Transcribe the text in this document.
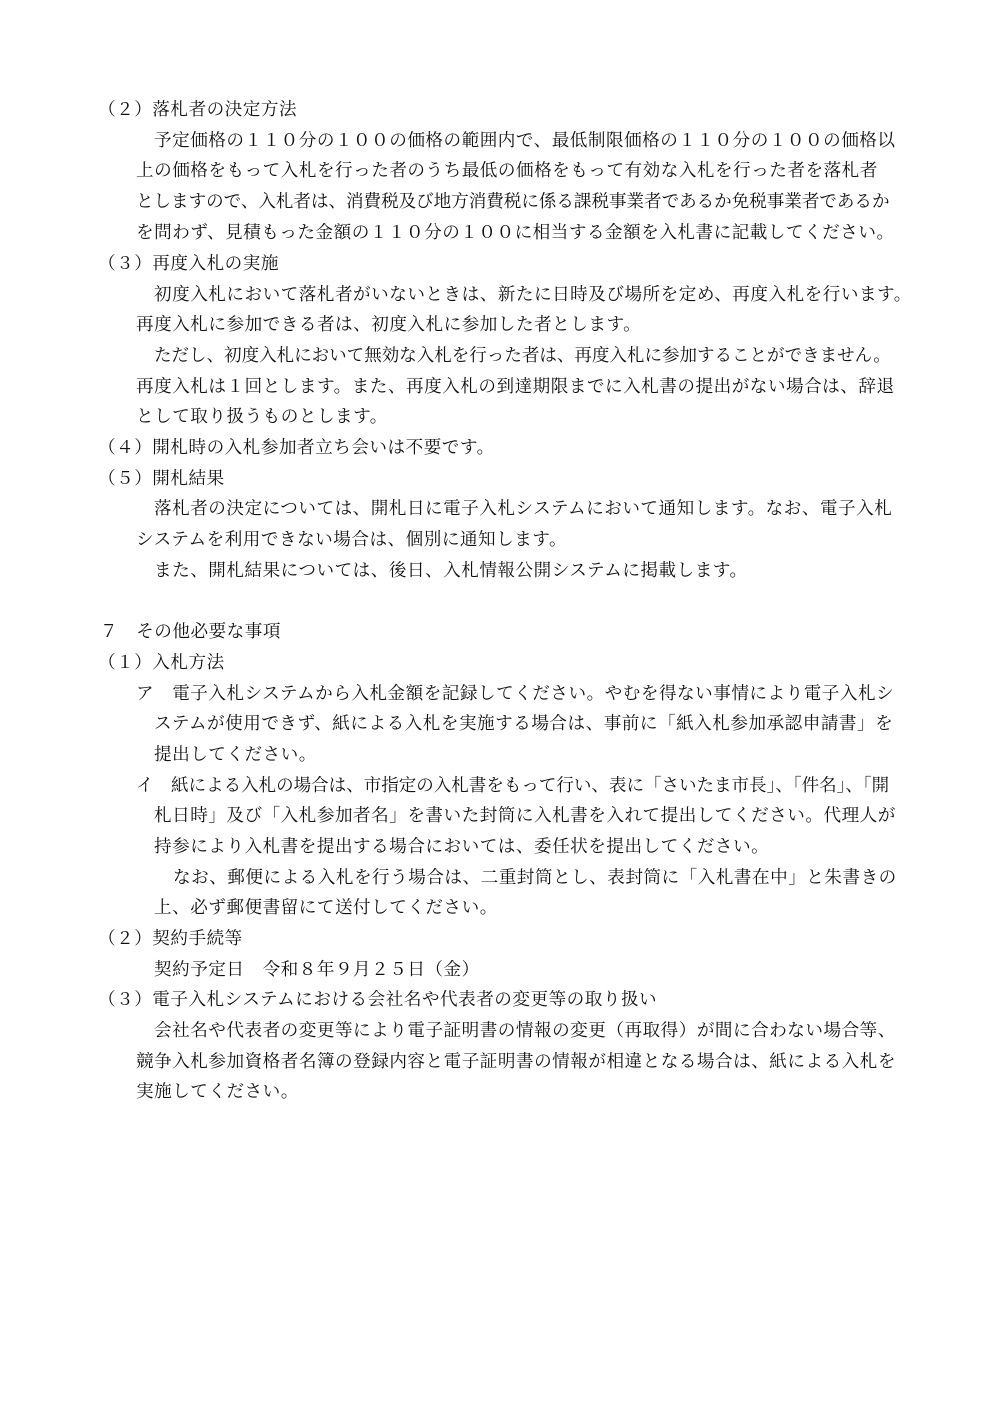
（２）落札者の決定方法
予定価格の１１０分の１００の価格の範囲内で、最低制限価格の１１０分の１００の価格以
上の価格をもって入札を行った者のうち最低の価格をもって有効な入札を行った者を落札者
としますので、入札者は、消費税及び地方消費税に係る課税事業者であるか免税事業者であるか
を問わず、見積もった金額の１１０分の１００に相当する金額を入札書に記載してください。
（３）再度入札の実施
初度入札において落札者がいないときは、新たに日時及び場所を定め、再度入札を行います。
再度入札に参加できる者は、初度入札に参加した者とします。
ただし、初度入札において無効な入札を行った者は、再度入札に参加することができません。
再度入札は１回とします。また、再度入札の到達期限までに入札書の提出がない場合は、辞退
として取り扱うものとします。
（４）開札時の入札参加者立ち会いは不要です。
（５）開札結果
落札者の決定については、開札日に電子入札システムにおいて通知します。なお、電子入札
システムを利用できない場合は、個別に通知します。
また、開札結果については、後日、入札情報公開システムに掲載します。
７　その他必要な事項
（１）入札方法
ア　電子入札システムから入札金額を記録してください。やむを得ない事情により電子入札シ
ステムが使用できず、紙による入札を実施する場合は、事前に「紙入札参加承認申請書」を
提出してください。
イ　紙による入札の場合は、市指定の入札書をもって行い、表に「さいたま市長」、「件名」、「開
札日時」及び「入札参加者名」を書いた封筒に入札書を入れて提出してください。代理人が
持参により入札書を提出する場合においては、委任状を提出してください。
なお、郵便による入札を行う場合は、二重封筒とし、表封筒に「入札書在中」と朱書きの
上、必ず郵便書留にて送付してください。
（２）契約手続等
契約予定日　令和８年９月２５日（金）
（３）電子入札システムにおける会社名や代表者の変更等の取り扱い
会社名や代表者の変更等により電子証明書の情報の変更（再取得）が間に合わない場合等、
競争入札参加資格者名簿の登録内容と電子証明書の情報が相違となる場合は、紙による入札を
実施してください。
